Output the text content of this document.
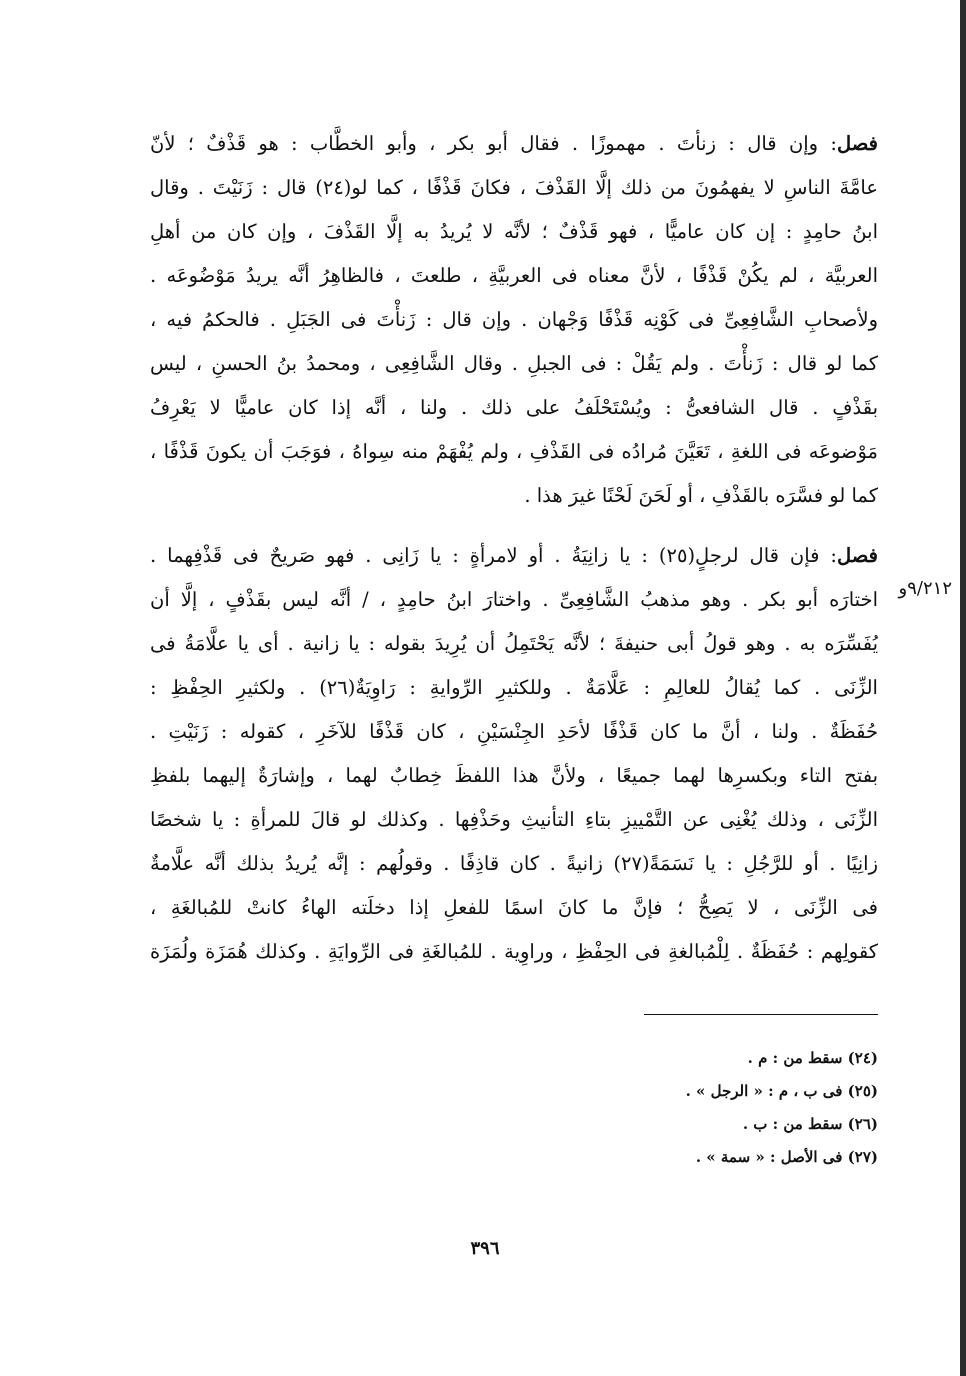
فصل: وإن قال : زنأتَ . مهموزًا . فقال أبو بكر ، وأبو الخطَّاب : هو قَذْفٌ ؛ لأنّ
عامَّةَ الناسِ لا يفهمُونَ من ذلك إلَّا القَذْفَ ، فكانَ قَذْفًا ، كما لو(٢٤) قال : زَنَيْتَ . وقال
ابنُ حامِدٍ : إن كان عاميًّا ، فهو قَذْفٌ ؛ لأنَّه لا يُريدُ به إلَّا القَذْفَ ، وإن كان من أهلِ
العربيَّة ، لم يكُنْ قَذْفًا ، لأنَّ معناه فى العربيَّةِ ، طلعتَ ، فالظاهِرُ أنَّه يريدُ مَوْضُوعَه .
ولأصحابِ الشَّافِعِىِّ فى كَوْنِه قَذْفًا وَجْهان . وإن قال : زَنأْتَ فى الجَبَلِ . فالحكمُ فيه ،
كما لو قال : زَنأْتَ . ولم يَقُلْ : فى الجبلِ . وقال الشَّافِعِى ، ومحمدُ بنُ الحسنِ ، ليس
بقَذْفٍ . قال الشافعىُّ : ويُسْتَحْلَفُ على ذلك . ولنا ، أنَّه إذا كان عاميًّا لا يَعْرِفُ
مَوْضوعَه فى اللغةِ ، تَعَيَّنَ مُرادُه فى القَذْفِ ، ولم يُفْهَمْ منه سِواهُ ، فوَجَبَ أن يكونَ قَذْفًا ،
كما لو فسَّرَه بالقَذْفِ ، أو لَحَنَ لَحْنًا غيرَ هذا .
فصل: فإن قال لرجلٍ(٢٥) : يا زانِيَةُ . أو لامرأةٍ : يا زَانِى . فهو صَريحٌ فى قَذْفِهما .
اختارَه أبو بكر . وهو مذهبُ الشَّافِعِىِّ . واختارَ ابنُ حامِدٍ ، / أنَّه ليس بقَذْفٍ ، إلَّا أن
يُفَسِّرَه به . وهو قولُ أبى حنيفةَ ؛ لأنَّه يَحْتَمِلُ أن يُرِيدَ بقوله : يا زانية . أى يا علَّامَةُ فى
الزِّنَى . كما يُقالُ للعالِمِ : عَلَّامَةٌ . وللكثيرِ الرِّوايةِ : رَاوِيَةٌ(٢٦) . ولكثيرِ الحِفْظِ :
حُفَظَةٌ . ولنا ، أنَّ ما كان قَذْفًا لأحَدِ الجِنْسَيْنِ ، كان قَذْفًا للآخَرِ ، كقوله : زَنَيْتِ .
بفتح التاء وبكسرِها لهما جميعًا ، ولأنَّ هذا اللفظَ خِطابٌ لهما ، وإشارَةٌ إليهما بلفظِ
الزِّنَى ، وذلك يُغْنِى عن التَّمْييزِ بتاءِ التأنيثِ وحَذْفِها . وكذلك لو قالَ للمرأةِ : يا شخصًا
زانِيًا . أو للرَّجُلِ : يا نَسَمَةً(٢٧) زانيةً . كان قاذِفًا . وقولُهم : إنَّه يُريدُ بذلك أنَّه علَّامةٌ
فى الزِّنَى ، لا يَصِحُّ ؛ فإنَّ ما كانَ اسمًا للفعلِ إذا دخلَته الهاءُ كانتْ للمُبالغَةِ ،
كقولِهم : حُفَظَةٌ . لِلْمُبالغةِ فى الحِفْظِ ، وراوِية . للمُبالغَةِ فى الرِّوايَةِ . وكذلك هُمَزَة ولُمَزَة
٩/٢١٢و
(٢٤) سقط من : م .
(٢٥) فى ب ، م : « الرجل » .
(٢٦) سقط من : ب .
(٢٧) فى الأصل : « سمة » .
٣٩٦
